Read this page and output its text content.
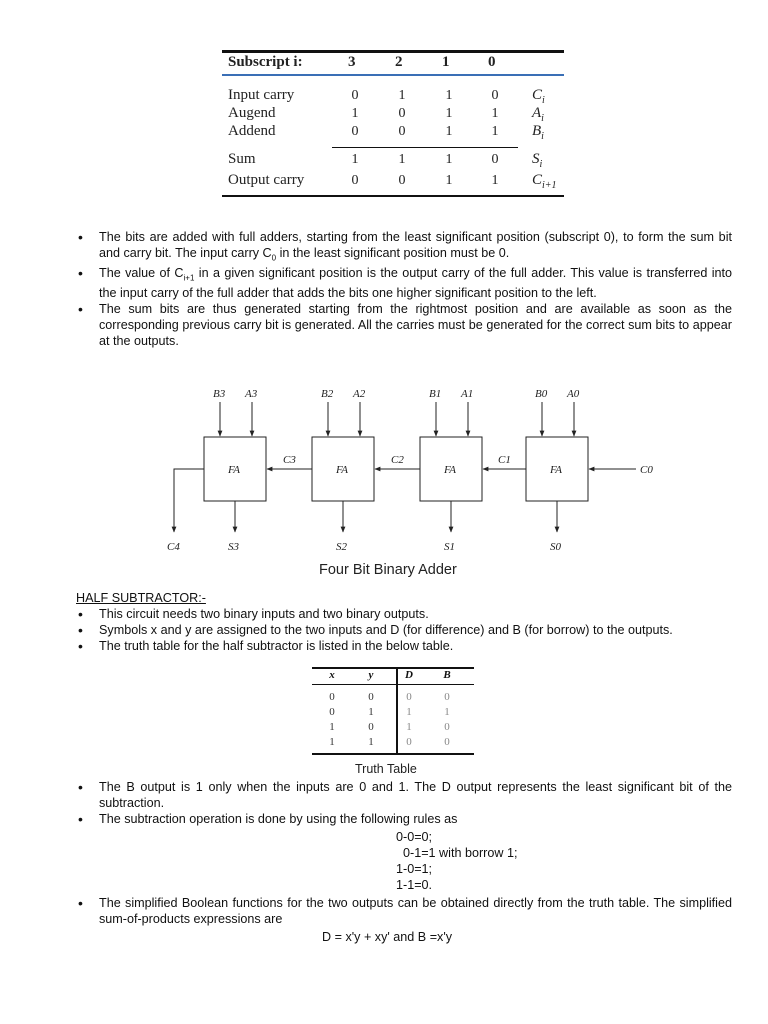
Subscript i:	3	2	1	0
Input carry	0	1	1	0 $C_i$
Augend	1	0	1	1 $A_i$
Addend	0	0	1	1 $B_i$
Sum	1	1	1	0 $S_i$
Output carry	0	0	1	1 $C_{i+1}$
• The bits are added with full adders, starting from the least significant position (subscript 0), to form the sum bit and carry bit. The input carry $C_0$ in the least significant position must be 0.
• The value of $C_{i+1}$ in a given significant position is the output carry of the full adder. This value is transferred into the input carry of the full adder that adds the bits one higher significant position to the left.
• The sum bits are thus generated starting from the rightmost position and are available as soon as the corresponding previous carry bit is generated. All the carries must be generated for the correct sum bits to appear at the outputs.
FA	FA	FA	FA
B3 A3	B2 A2	B1 A1	B0 A0
C3	C2	C1
C0
C4	S3	S2	S1	S0
Four Bit Binary Adder
HALF SUBTRACTOR:-
• This circuit needs two binary inputs and two binary outputs.
• Symbols x and y are assigned to the two inputs and D (for difference) and B (for borrow) to the outputs.
• The truth table for the half subtractor is listed in the below table.
x	y	D	B
0	0	0	0
0	1	1	1
1	0	1	0
1	1	0	0
Truth Table
• The B output is 1 only when the inputs are 0 and 1. The D output represents the least significant bit of the subtraction.
• The subtraction operation is done by using the following rules as
0-0=0;
0-1=1 with borrow 1;
1-0=1;
1-1=0.
• The simplified Boolean functions for the two outputs can be obtained directly from the truth table. The simplified sum-of-products expressions are
D = x'y + xy' and B =x'y
